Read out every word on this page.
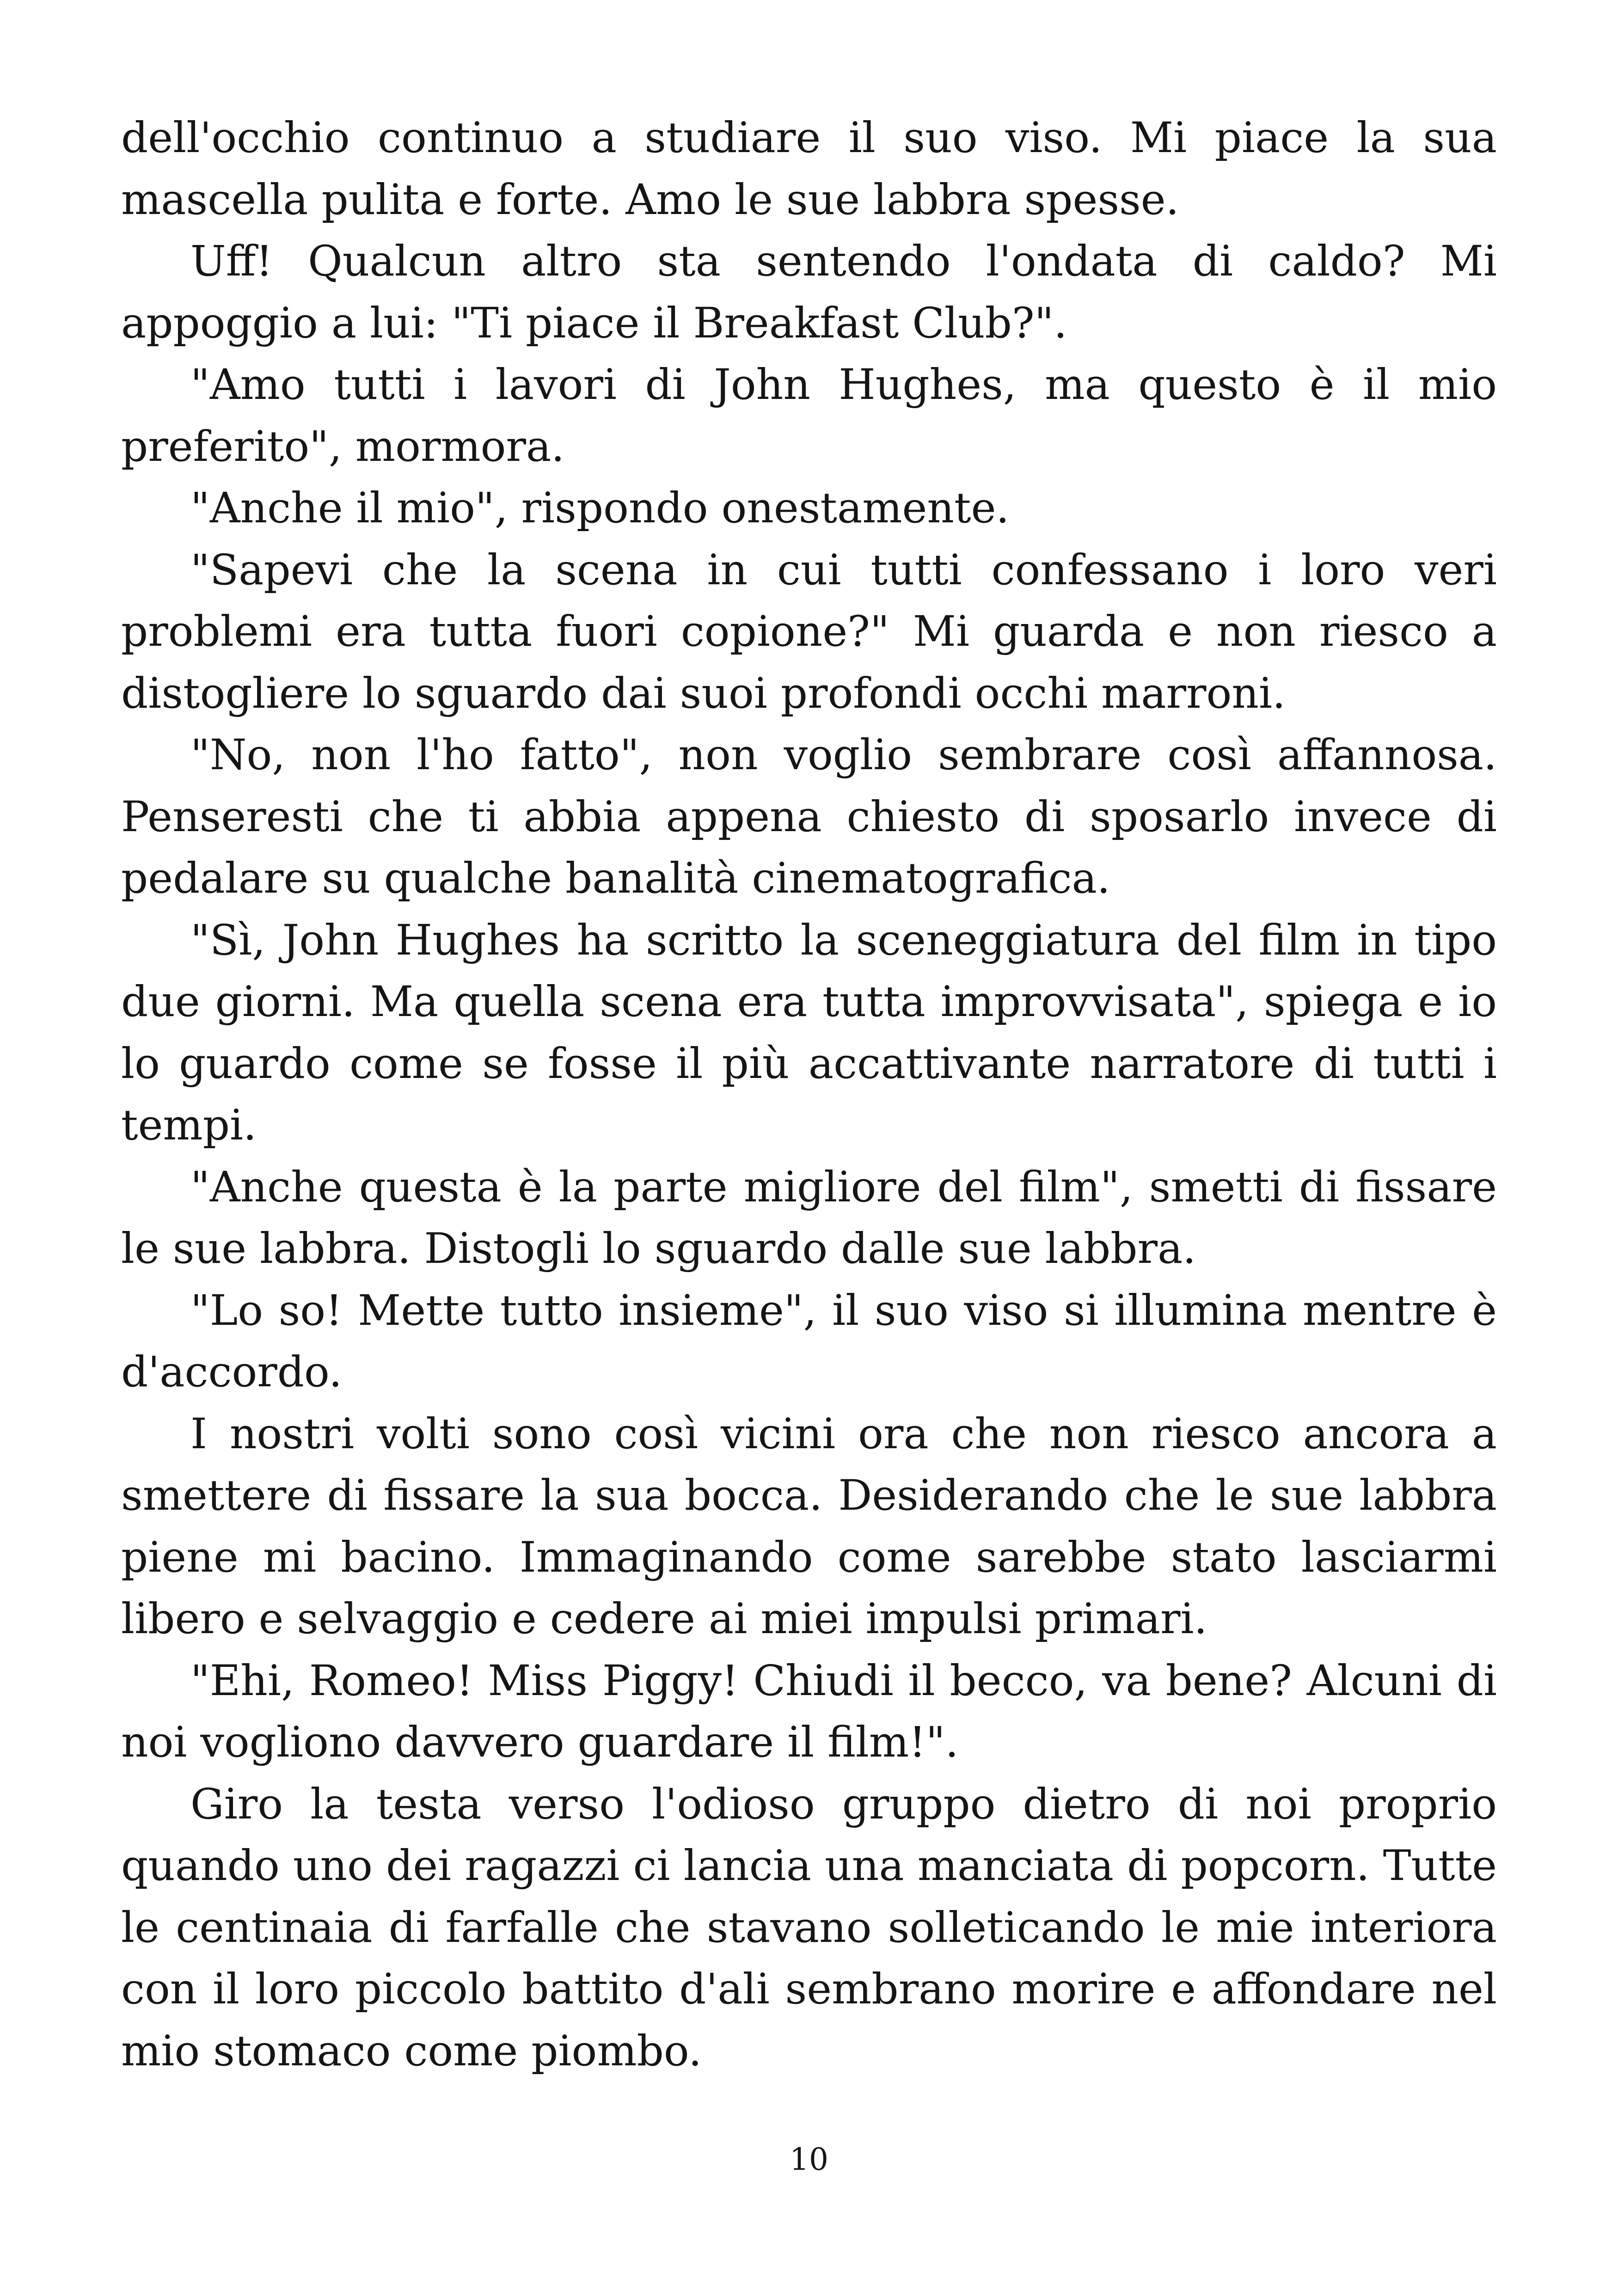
dell'occhio continuo a studiare il suo viso. Mi piace la sua mascella pulita e forte. Amo le sue labbra spesse.

Uff! Qualcun altro sta sentendo l'ondata di caldo? Mi appoggio a lui: "Ti piace il Breakfast Club?".

"Amo tutti i lavori di John Hughes, ma questo è il mio preferito", mormora.

"Anche il mio", rispondo onestamente.

"Sapevi che la scena in cui tutti confessano i loro veri problemi era tutta fuori copione?" Mi guarda e non riesco a distogliere lo sguardo dai suoi profondi occhi marroni.

"No, non l'ho fatto", non voglio sembrare così affannosa. Penseresti che ti abbia appena chiesto di sposarlo invece di pedalare su qualche banalità cinematografica.

"Sì, John Hughes ha scritto la sceneggiatura del film in tipo due giorni. Ma quella scena era tutta improvvisata", spiega e io lo guardo come se fosse il più accattivante narratore di tutti i tempi.

"Anche questa è la parte migliore del film", smetti di fissare le sue labbra. Distogli lo sguardo dalle sue labbra.

"Lo so! Mette tutto insieme", il suo viso si illumina mentre è d'accordo.

I nostri volti sono così vicini ora che non riesco ancora a smettere di fissare la sua bocca. Desiderando che le sue labbra piene mi bacino. Immaginando come sarebbe stato lasciarmi libero e selvaggio e cedere ai miei impulsi primari.

"Ehi, Romeo! Miss Piggy! Chiudi il becco, va bene? Alcuni di noi vogliono davvero guardare il film!".

Giro la testa verso l'odioso gruppo dietro di noi proprio quando uno dei ragazzi ci lancia una manciata di popcorn. Tutte le centinaia di farfalle che stavano solleticando le mie interiora con il loro piccolo battito d'ali sembrano morire e affondare nel mio stomaco come piombo.

10
